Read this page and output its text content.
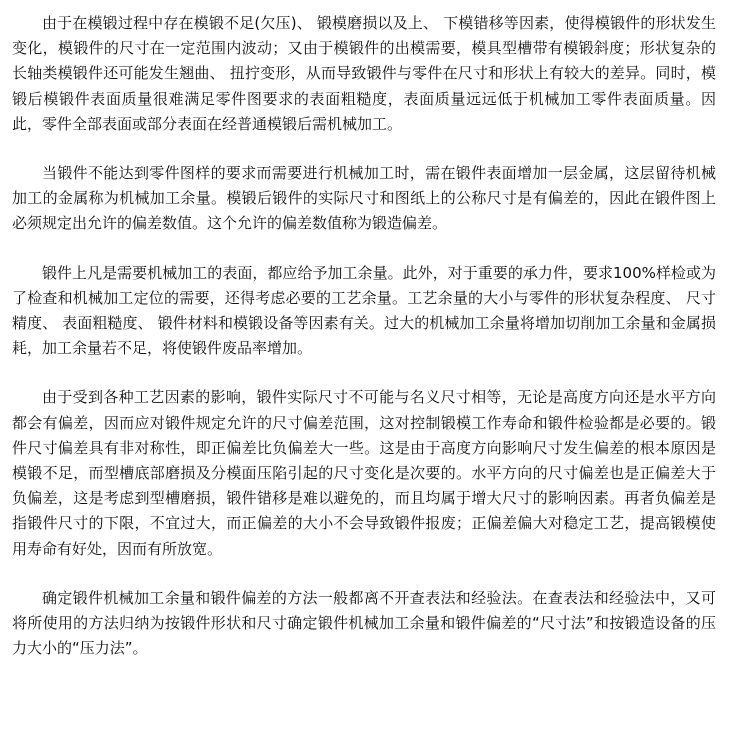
由于在模锻过程中存在模锻不足(欠压)、 锻模磨损以及上、 下模错移等因素，使得模锻件的形状发生变化，模锻件的尺寸在一定范围内波动；又由于模锻件的出模需要，模具型槽带有模锻斜度；形状复杂的长轴类模锻件还可能发生翘曲、 扭拧变形，从而导致锻件与零件在尺寸和形状上有较大的差异。同时，模锻后模锻件表面质量很难满足零件图要求的表面粗糙度，表面质量远远低于机械加工零件表面质量。因此，零件全部表面或部分表面在经普通模锻后需机械加工。

当锻件不能达到零件图样的要求而需要进行机械加工时，需在锻件表面增加一层金属，这层留待机械加工的金属称为机械加工余量。模锻后锻件的实际尺寸和图纸上的公称尺寸是有偏差的，因此在锻件图上必须规定出允许的偏差数值。这个允许的偏差数值称为锻造偏差。

锻件上凡是需要机械加工的表面，都应给予加工余量。此外，对于重要的承力件，要求100%样检或为了检查和机械加工定位的需要，还得考虑必要的工艺余量。工艺余量的大小与零件的形状复杂程度、 尺寸精度、 表面粗糙度、 锻件材料和模锻设备等因素有关。过大的机械加工余量将增加切削加工余量和金属损耗，加工余量若不足，将使锻件废品率增加。

由于受到各种工艺因素的影响，锻件实际尺寸不可能与名义尺寸相等，无论是高度方向还是水平方向都会有偏差，因而应对锻件规定允许的尺寸偏差范围，这对控制锻模工作寿命和锻件检验都是必要的。锻件尺寸偏差具有非对称性，即正偏差比负偏差大一些。这是由于高度方向影响尺寸发生偏差的根本原因是模锻不足，而型槽底部磨损及分模面压陷引起的尺寸变化是次要的。水平方向的尺寸偏差也是正偏差大于负偏差，这是考虑到型槽磨损，锻件错移是难以避免的，而且均属于增大尺寸的影响因素。再者负偏差是指锻件尺寸的下限，不宜过大，而正偏差的大小不会导致锻件报废；正偏差偏大对稳定工艺，提高锻模使用寿命有好处，因而有所放宽。

确定锻件机械加工余量和锻件偏差的方法一般都离不开查表法和经验法。在查表法和经验法中，又可将所使用的方法归纳为按锻件形状和尺寸确定锻件机械加工余量和锻件偏差的“尺寸法”和按锻造设备的压力大小的“压力法”。
